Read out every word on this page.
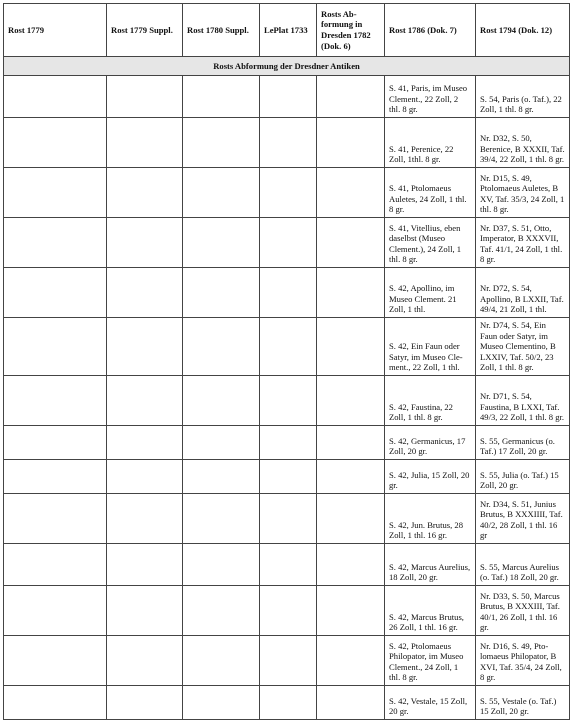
Rost 1779	Rost 1779 Suppl.	Rost 1780 Suppl.	LePlat 1733	Rosts Abformung in Dresden 1782 (Dok. 6)	Rost 1786 (Dok. 7)	Rost 1794 (Dok. 12)
Rosts Abformung der Dresdner Antiken						
					S. 41, Paris, im Museo Clement., 22 Zoll, 2 thl. 8 gr.	S. 54, Paris (o. Taf.), 22 Zoll, 1 thl. 8 gr.
					S. 41, Perenice, 22 Zoll, 1thl. 8 gr.	Nr. D32, S. 50, Berenice, B XXXII, Taf. 39/4, 22 Zoll, 1 thl. 8 gr.
					S. 41, Ptolomaeus Auletes, 24 Zoll, 1 thl. 8 gr.	Nr. D15, S. 49, Ptolomaeus Auletes, B XV, Taf. 35/3, 24 Zoll, 1 thl. 8 gr.
					S. 41, Vitellius, eben daselbst (Museo Clement.), 24 Zoll, 1 thl. 8 gr.	Nr. D37, S. 51, Otto, Imperator, B XXXVII, Taf. 41/1, 24 Zoll, 1 thl. 8 gr.
					S. 42, Apollino, im Museo Clement. 21 Zoll, 1 thl.	Nr. D72, S. 54, Apollino, B LXXII, Taf. 49/4, 21 Zoll, 1 thl.
					S. 42, Ein Faun oder Satyr, im Museo Clement., 22 Zoll, 1 thl.	Nr. D74, S. 54, Ein Faun oder Satyr, im Museo Clementino, B LXXIV, Taf. 50/2, 23 Zoll, 1 thl. 8 gr.
					S. 42, Faustina, 22 Zoll, 1 thl. 8 gr.	Nr. D71, S. 54, Faustina, B LXXI, Taf. 49/3, 22 Zoll, 1 thl. 8 gr.
					S. 42, Germanicus, 17 Zoll, 20 gr.	S. 55, Germanicus (o. Taf.) 17 Zoll, 20 gr.
					S. 42, Julia, 15 Zoll, 20 gr.	S. 55, Julia (o. Taf.) 15 Zoll, 20 gr.
					S. 42, Jun. Brutus, 28 Zoll, 1 thl. 16 gr.	Nr. D34, S. 51, Junius Brutus, B XXXIIII, Taf. 40/2, 28 Zoll, 1 thl. 16 gr
					S. 42, Marcus Aurelius, 18 Zoll, 20 gr.	S. 55, Marcus Aurelius (o. Taf.) 18 Zoll, 20 gr.
					S. 42, Marcus Brutus, 26 Zoll, 1 thl. 16 gr.	Nr. D33, S. 50, Marcus Brutus, B XXXIII, Taf. 40/1, 26 Zoll, 1 thl. 16 gr.
					S. 42, Ptolomaeus Philopator, im Museo Clement., 24 Zoll, 1 thl. 8 gr.	Nr. D16, S. 49, Ptolomaeus Philopator, B XVI, Taf. 35/4, 24 Zoll, 8 gr.
					S. 42, Vestale, 15 Zoll, 20 gr.	S. 55, Vestale (o. Taf.) 15 Zoll, 20 gr.
